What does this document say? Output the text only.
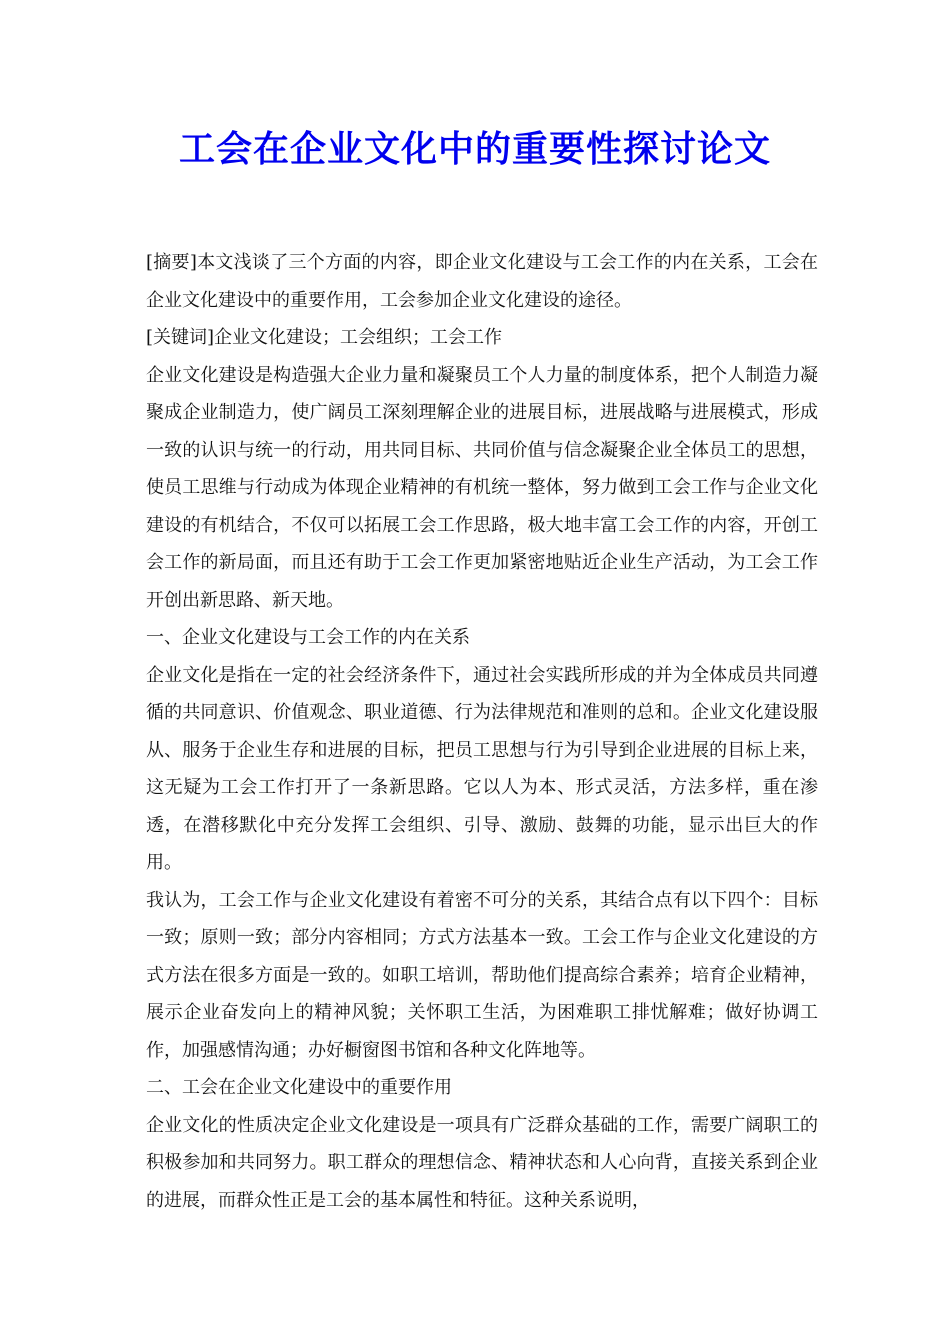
工会在企业文化中的重要性探讨论文

[摘要]本文浅谈了三个方面的内容，即企业文化建设与工会工作的内在关系，工会在企业文化建设中的重要作用，工会参加企业文化建设的途径。

[关键词]企业文化建设；工会组织；工会工作

企业文化建设是构造强大企业力量和凝聚员工个人力量的制度体系，把个人制造力凝聚成企业制造力，使广阔员工深刻理解企业的进展目标，进展战略与进展模式，形成一致的认识与统一的行动，用共同目标、共同价值与信念凝聚企业全体员工的思想，使员工思维与行动成为体现企业精神的有机统一整体，努力做到工会工作与企业文化建设的有机结合，不仅可以拓展工会工作思路，极大地丰富工会工作的内容，开创工会工作的新局面，而且还有助于工会工作更加紧密地贴近企业生产活动，为工会工作开创出新思路、新天地。

一、企业文化建设与工会工作的内在关系

企业文化是指在一定的社会经济条件下，通过社会实践所形成的并为全体成员共同遵循的共同意识、价值观念、职业道德、行为法律规范和准则的总和。企业文化建设服从、服务于企业生存和进展的目标，把员工思想与行为引导到企业进展的目标上来，这无疑为工会工作打开了一条新思路。它以人为本、形式灵活，方法多样，重在渗透，在潜移默化中充分发挥工会组织、引导、激励、鼓舞的功能，显示出巨大的作用。

我认为，工会工作与企业文化建设有着密不可分的关系，其结合点有以下四个：目标一致；原则一致；部分内容相同；方式方法基本一致。工会工作与企业文化建设的方式方法在很多方面是一致的。如职工培训，帮助他们提高综合素养；培育企业精神，展示企业奋发向上的精神风貌；关怀职工生活，为困难职工排忧解难；做好协调工作，加强感情沟通；办好橱窗图书馆和各种文化阵地等。

二、工会在企业文化建设中的重要作用

企业文化的性质决定企业文化建设是一项具有广泛群众基础的工作，需要广阔职工的积极参加和共同努力。职工群众的理想信念、精神状态和人心向背，直接关系到企业的进展，而群众性正是工会的基本属性和特征。这种关系说明，
